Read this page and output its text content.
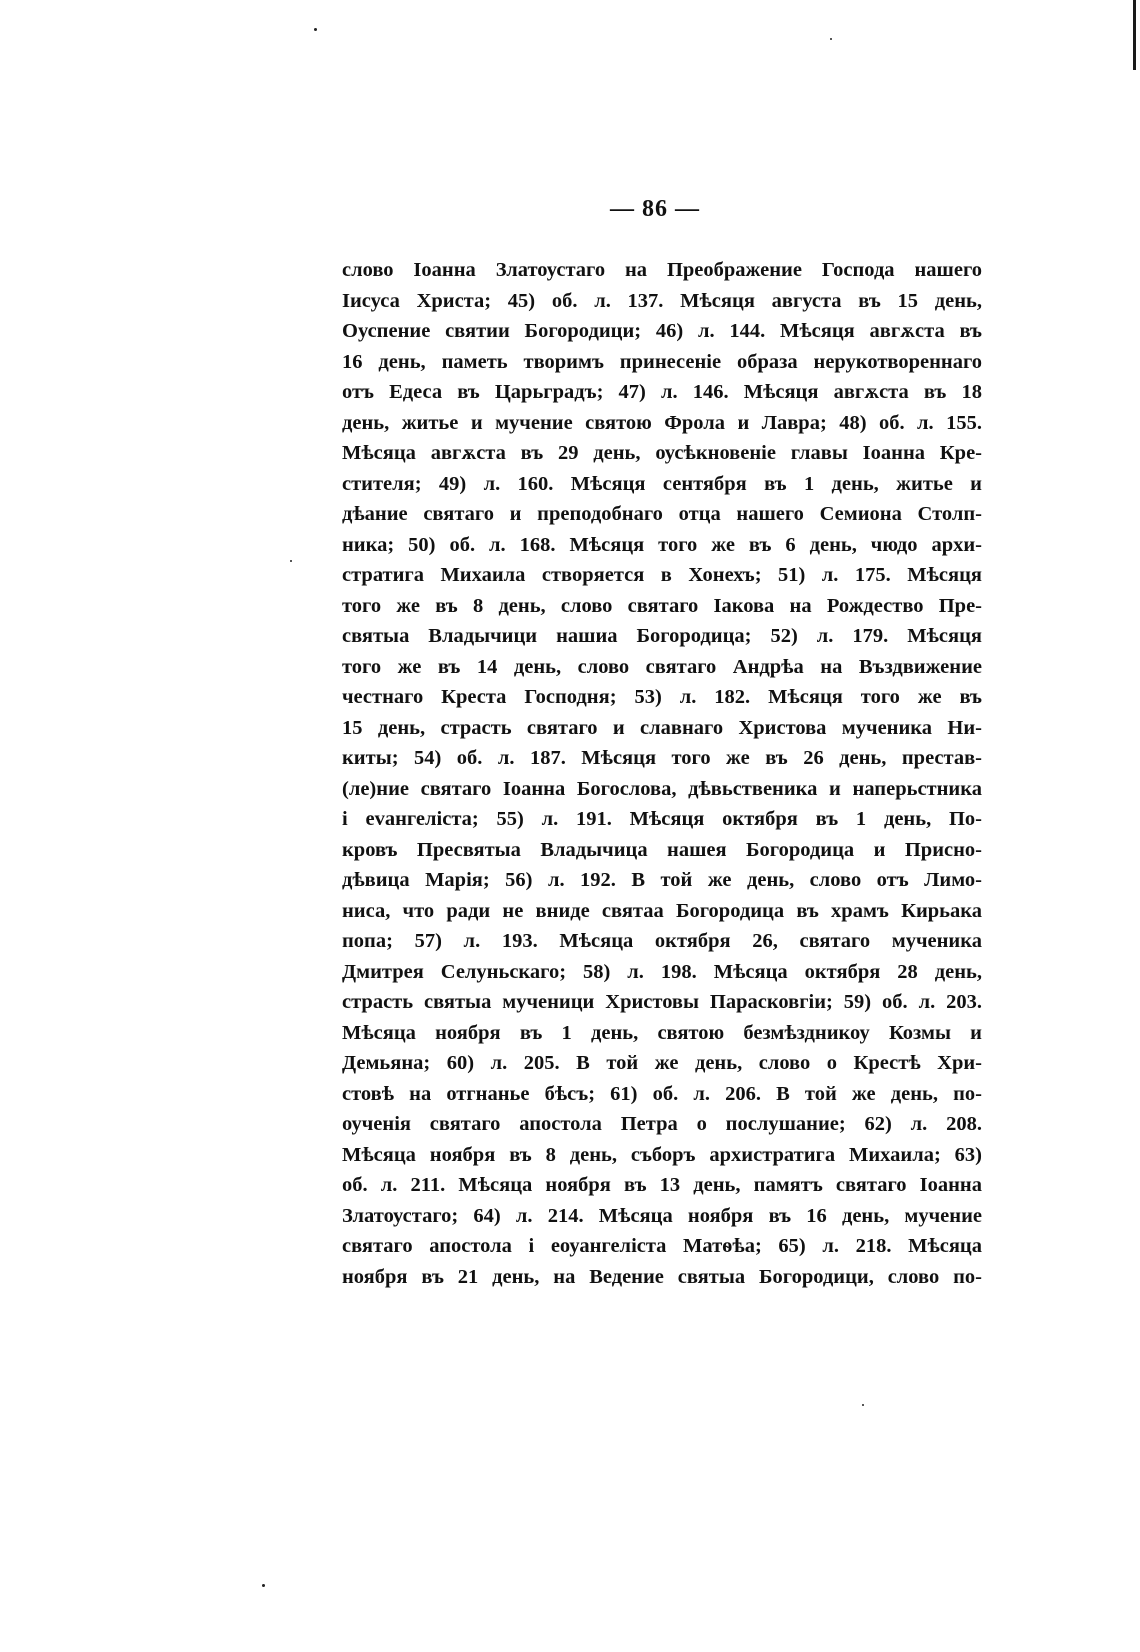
— 86 —
слово Іоанна Златоустаго на Преображение Господа нашего
Іисуса Христа; 45) об. л. 137. Мѣсяця августа въ 15 день,
Оуспение святии Богородици; 46) л. 144. Мѣсяця авгѫста въ
16 день, паметь творимъ принесеніе образа нерукотвореннаго
отъ Едеса въ Царьградъ; 47) л. 146. Мѣсяця авгѫста въ 18
день, житье и мучение святою Фрола и Лавра; 48) об. л. 155.
Мѣсяца авгѫста въ 29 день, оусѣкновеніе главы Іоанна Кре-
стителя; 49) л. 160. Мѣсяця сентября въ 1 день, житье и
дѣание святаго и преподобнаго отца нашего Семиона Столп-
ника; 50) об. л. 168. Мѣсяця того же въ 6 день, чюдо архи-
стратига Михаила створяется в Хонехъ; 51) л. 175. Мѣсяця
того же въ 8 день, слово святаго Іакова на Рождество Пре-
святыа Владычици нашиа Богородица; 52) л. 179. Мѣсяця
того же въ 14 день, слово святаго Андрѣа на Въздвижение
честнаго Креста Господня; 53) л. 182. Мѣсяця того же въ
15 день, страсть святаго и славнаго Христова мученика Ни-
киты; 54) об. л. 187. Мѣсяця того же въ 26 день, престав-
(ле)ние святаго Іоанна Богослова, дѣвьственика и наперьстника
і еvангеліста; 55) л. 191. Мѣсяця октября въ 1 день, По-
кровъ Пресвятыа Владычица нашея Богородица и Присно-
дѣвица Марія; 56) л. 192. В той же день, слово отъ Лимо-
ниса, что ради не вниде святаа Богородица въ храмъ Кирьака
попа; 57) л. 193. Мѣсяца октября 26, святаго мученика
Дмитрея Селуньскаго; 58) л. 198. Мѣсяца октября 28 день,
страсть святыа мученици Христовы Парасковгіи; 59) об. л. 203.
Мѣсяца ноября въ 1 день, святою безмѣздникоу Козмы и
Демьяна; 60) л. 205. В той же день, слово о Крестѣ Хри-
стовѣ на отгнанье бѣсъ; 61) об. л. 206. В той же день, по-
оученія святаго апостола Петра о послушание; 62) л. 208.
Мѣсяца ноября въ 8 день, съборъ архистратига Михаила; 63)
об. л. 211. Мѣсяца ноября въ 13 день, памятъ святаго Іоанна
Златоустаго; 64) л. 214. Мѣсяца ноября въ 16 день, мучение
святаго апостола і еоуангеліста Матѳѣа; 65) л. 218. Мѣсяца
ноября въ 21 день, на Ведение святыа Богородици, слово по-
